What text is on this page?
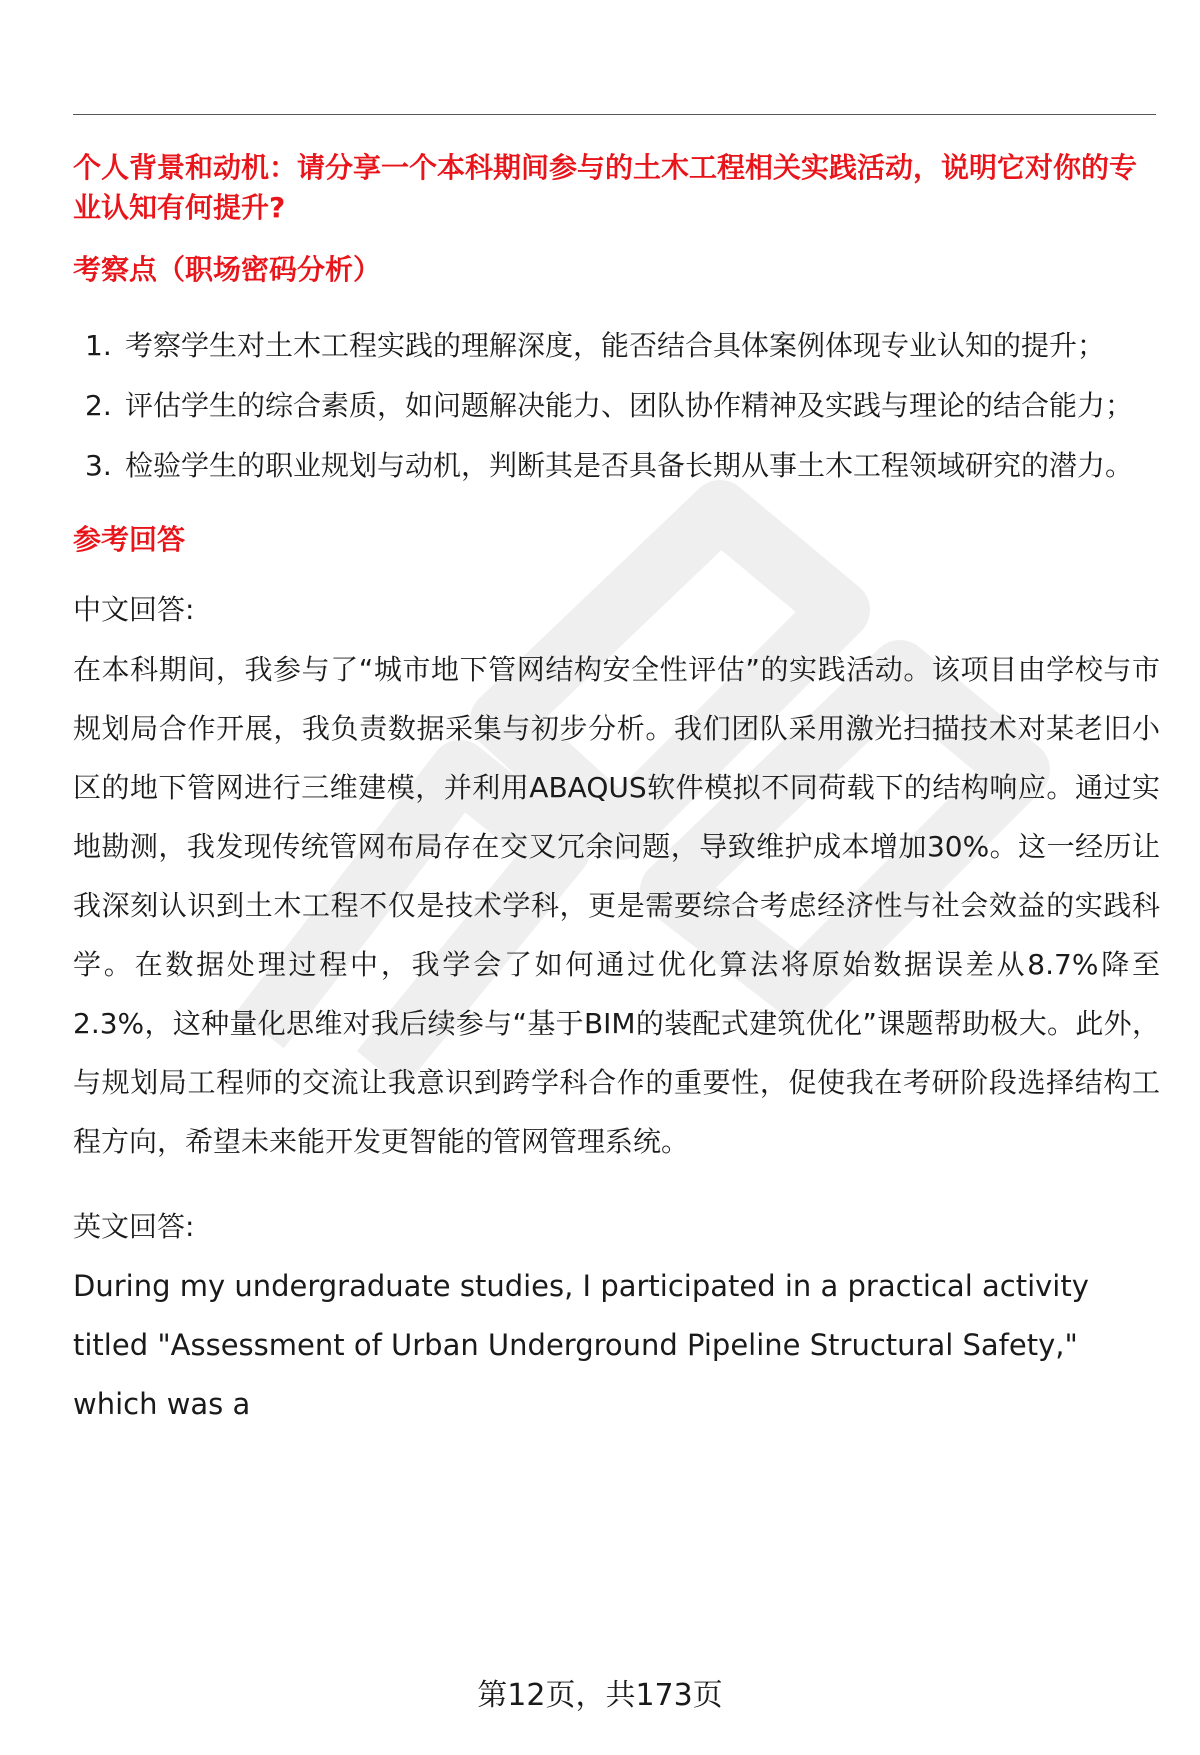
个人背景和动机：请分享一个本科期间参与的土木工程相关实践活动，说明它对你的专业认知有何提升?

考察点（职场密码分析）

1. 考察学生对土木工程实践的理解深度，能否结合具体案例体现专业认知的提升；
2. 评估学生的综合素质，如问题解决能力、团队协作精神及实践与理论的结合能力；
3. 检验学生的职业规划与动机，判断其是否具备长期从事土木工程领域研究的潜力。

参考回答

中文回答:

在本科期间，我参与了“城市地下管网结构安全性评估”的实践活动。该项目由学校与市规划局合作开展，我负责数据采集与初步分析。我们团队采用激光扫描技术对某老旧小区的地下管网进行三维建模，并利用ABAQUS软件模拟不同荷载下的结构响应。通过实地勘测，我发现传统管网布局存在交叉冗余问题，导致维护成本增加30%。这一经历让我深刻认识到土木工程不仅是技术学科，更是需要综合考虑经济性与社会效益的实践科学。在数据处理过程中，我学会了如何通过优化算法将原始数据误差从8.7%降至2.3%，这种量化思维对我后续参与“基于BIM的装配式建筑优化”课题帮助极大。此外，与规划局工程师的交流让我意识到跨学科合作的重要性，促使我在考研阶段选择结构工程方向，希望未来能开发更智能的管网管理系统。

英文回答:

During my undergraduate studies, I participated in a practical activity titled "Assessment of Urban Underground Pipeline Structural Safety," which was a

第12页，共173页
